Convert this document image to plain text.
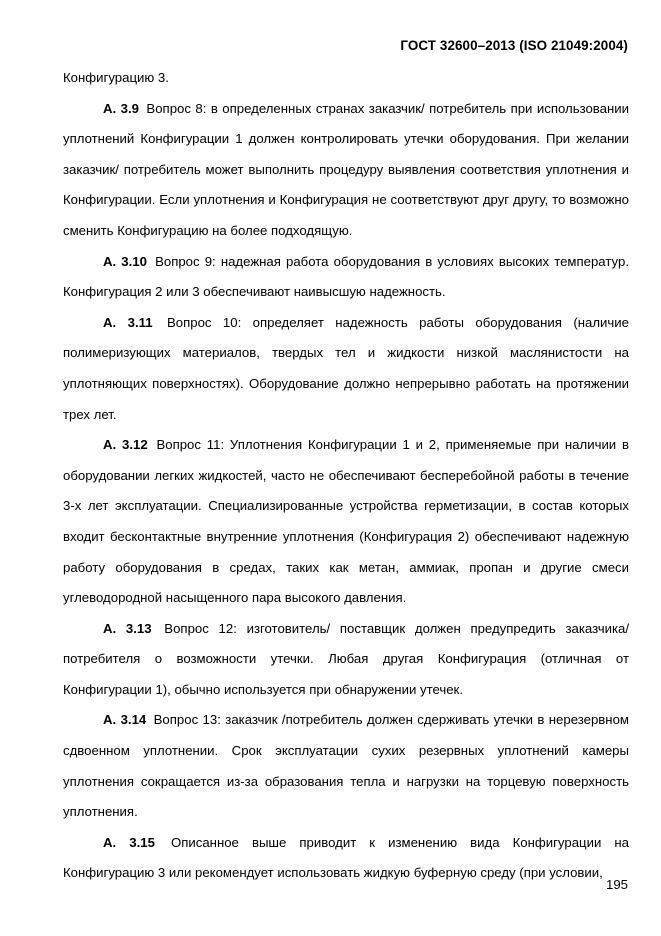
ГОСТ 32600–2013 (ISO 21049:2004)

Конфигурацию 3.

А. 3.9 Вопрос 8: в определенных странах заказчик/ потребитель при использовании уплотнений Конфигурации 1 должен контролировать утечки оборудования. При желании заказчик/ потребитель может выполнить процедуру выявления соответствия уплотнения и Конфигурации. Если уплотнения и Конфигурация не соответствуют друг другу, то возможно сменить Конфигурацию на более подходящую.

А. 3.10 Вопрос 9: надежная работа оборудования в условиях высоких температур. Конфигурация 2 или 3 обеспечивают наивысшую надежность.

А. 3.11 Вопрос 10: определяет надежность работы оборудования (наличие полимеризующих материалов, твердых тел и жидкости низкой маслянистости на уплотняющих поверхностях). Оборудование должно непрерывно работать на протяжении трех лет.

А. 3.12 Вопрос 11: Уплотнения Конфигурации 1 и 2, применяемые при наличии в оборудовании легких жидкостей, часто не обеспечивают бесперебойной работы в течение 3-х лет эксплуатации. Специализированные устройства герметизации, в состав которых входит бесконтактные внутренние уплотнения (Конфигурация 2) обеспечивают надежную работу оборудования в средах, таких как метан, аммиак, пропан и другие смеси углеводородной насыщенного пара высокого давления.

А. 3.13 Вопрос 12: изготовитель/ поставщик должен предупредить заказчика/ потребителя о возможности утечки. Любая другая Конфигурация (отличная от Конфигурации 1), обычно используется при обнаружении утечек.

А. 3.14 Вопрос 13: заказчик /потребитель должен сдерживать утечки в нерезервном сдвоенном уплотнении. Срок эксплуатации сухих резервных уплотнений камеры уплотнения сокращается из-за образования тепла и нагрузки на торцевую поверхность уплотнения.

А. 3.15 Описанное выше приводит к изменению вида Конфигурации на Конфигурацию 3 или рекомендует использовать жидкую буферную среду (при условии,

195
